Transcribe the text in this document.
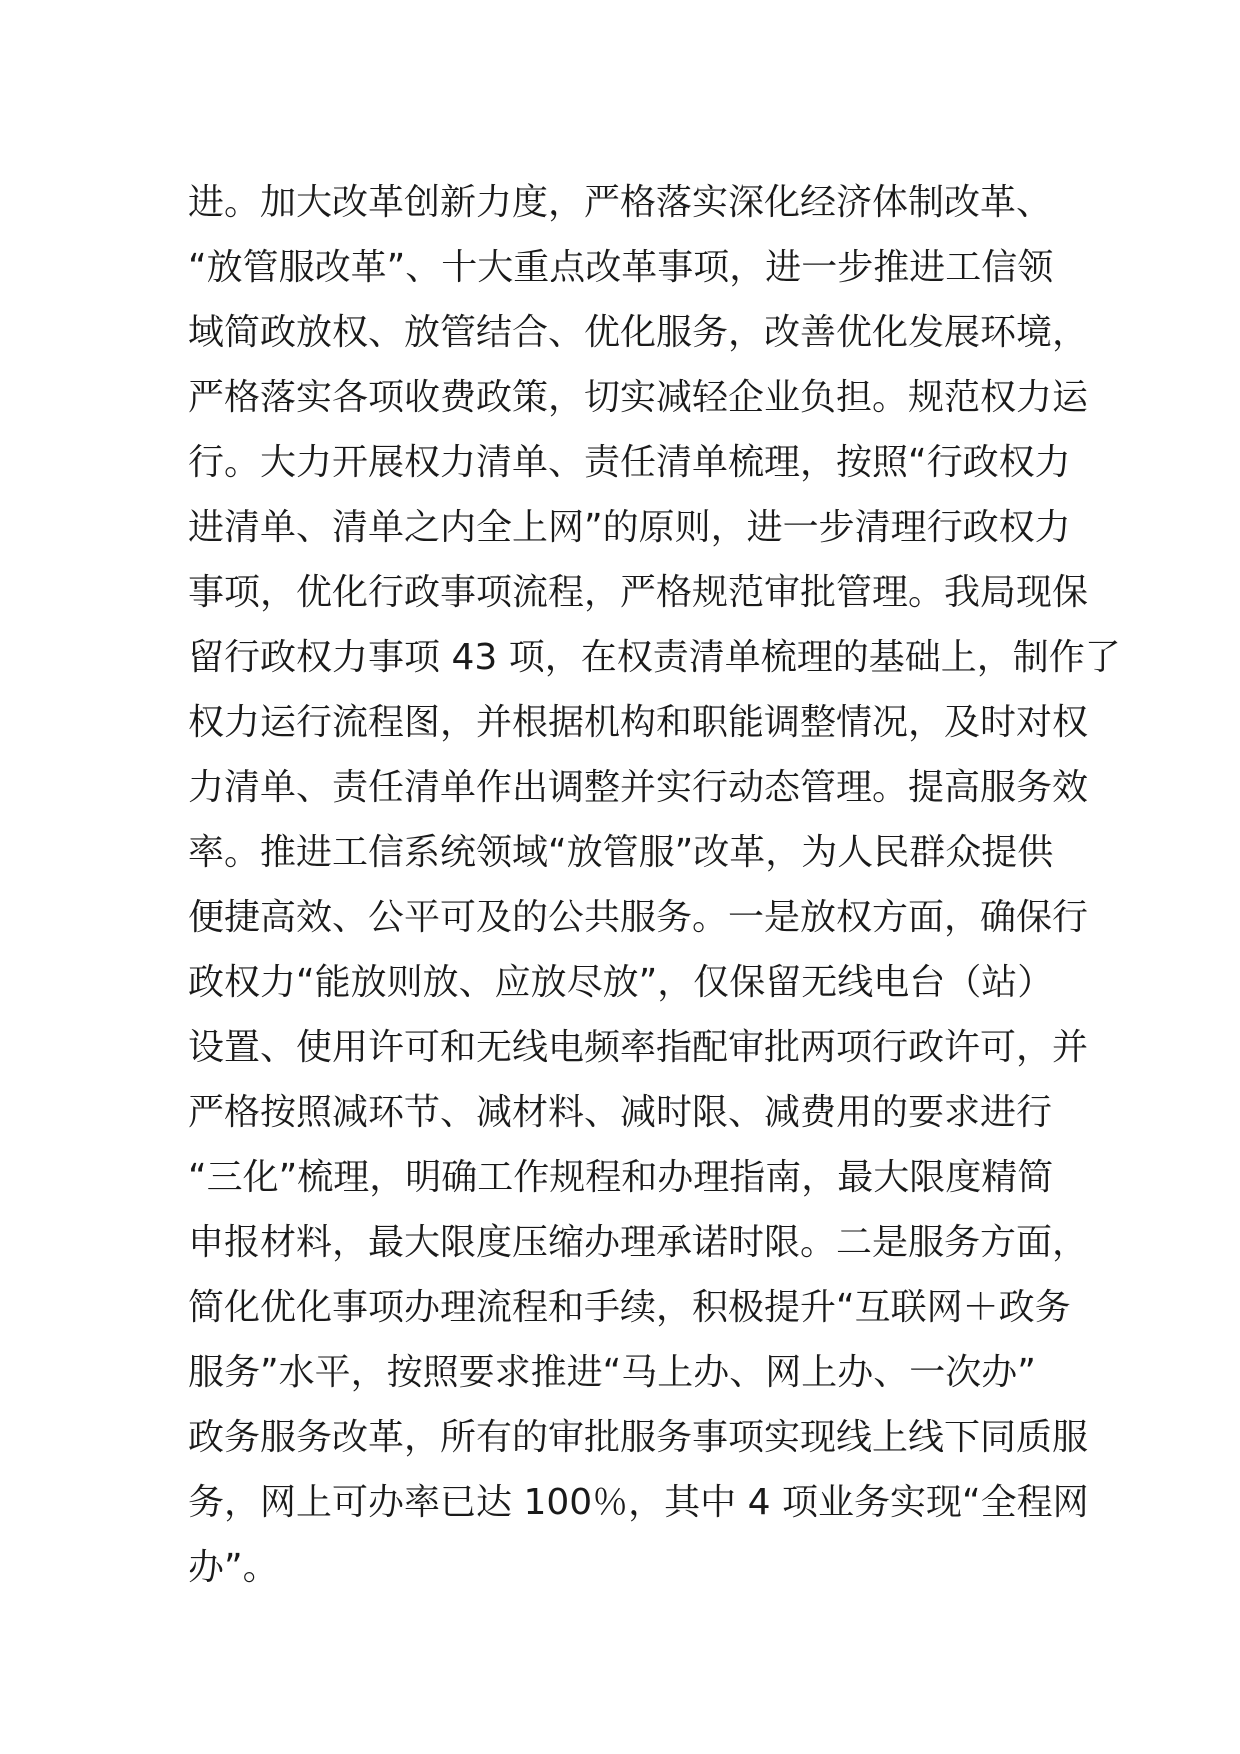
进。加大改革创新力度，严格落实深化经济体制改革、
“放管服改革”、十大重点改革事项，进一步推进工信领
域简政放权、放管结合、优化服务，改善优化发展环境，
严格落实各项收费政策，切实减轻企业负担。规范权力运
行。大力开展权力清单、责任清单梳理，按照“行政权力
进清单、清单之内全上网”的原则，进一步清理行政权力
事项，优化行政事项流程，严格规范审批管理。我局现保
留行政权力事项 43 项，在权责清单梳理的基础上，制作了
权力运行流程图，并根据机构和职能调整情况，及时对权
力清单、责任清单作出调整并实行动态管理。提高服务效
率。推进工信系统领域“放管服”改革，为人民群众提供
便捷高效、公平可及的公共服务。一是放权方面，确保行
政权力“能放则放、应放尽放”，仅保留无线电台（站）
设置、使用许可和无线电频率指配审批两项行政许可，并
严格按照减环节、减材料、减时限、减费用的要求进行
“三化”梳理，明确工作规程和办理指南，最大限度精简
申报材料，最大限度压缩办理承诺时限。二是服务方面，
简化优化事项办理流程和手续，积极提升“互联网＋政务
服务”水平，按照要求推进“马上办、网上办、一次办”
政务服务改革，所有的审批服务事项实现线上线下同质服
务，网上可办率已达 100％，其中 4 项业务实现“全程网
办”。
